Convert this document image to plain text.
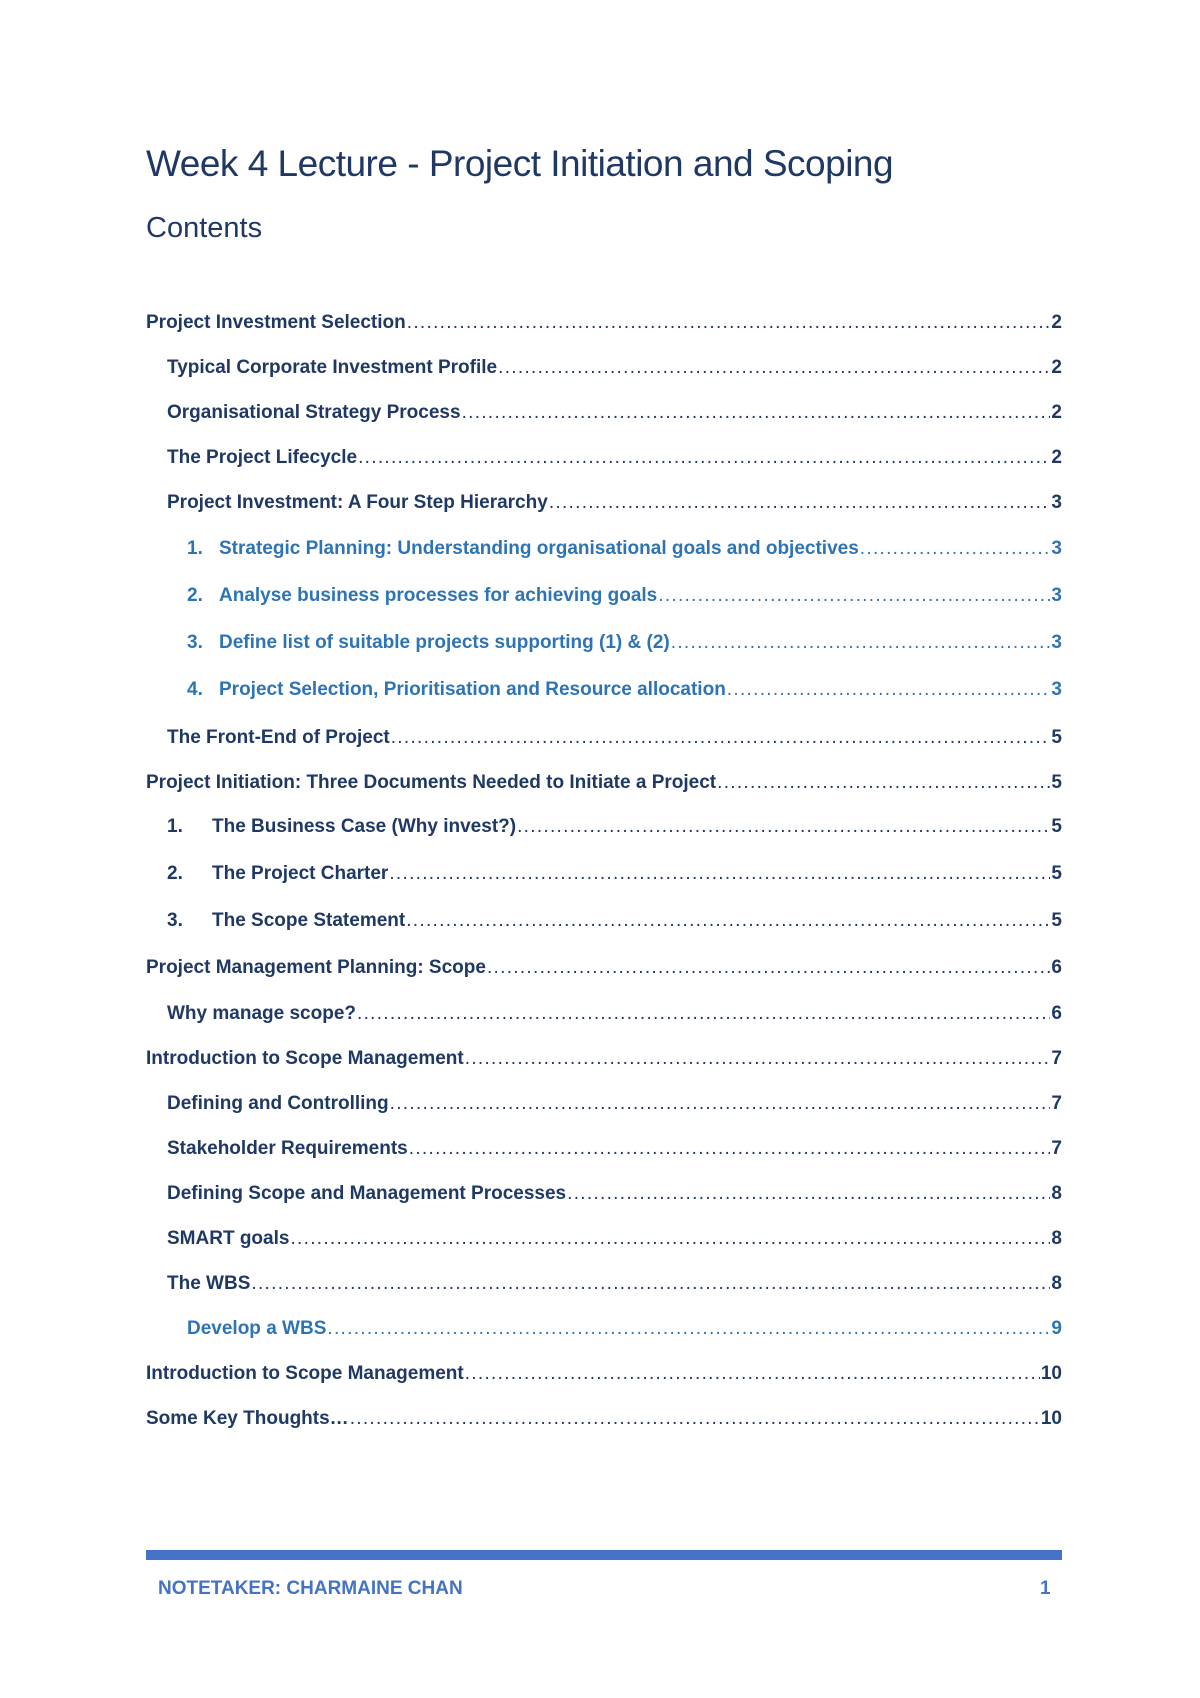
Week 4 Lecture - Project Initiation and Scoping
Contents
Project Investment Selection .....	2
Typical Corporate Investment Profile .....	2
Organisational Strategy Process .....	2
The Project Lifecycle .....	2
Project Investment: A Four Step Hierarchy .....	3
1. Strategic Planning: Understanding organisational goals and objectives .....	3
2. Analyse business processes for achieving goals .....	3
3. Define list of suitable projects supporting (1) & (2) .....	3
4. Project Selection, Prioritisation and Resource allocation .....	3
The Front-End of Project .....	5
Project Initiation: Three Documents Needed to Initiate a Project .....	5
1.	The Business Case (Why invest?) .....	5
2.	The Project Charter .....	5
3.	The Scope Statement .....	5
Project Management Planning: Scope .....	6
Why manage scope? .....	6
Introduction to Scope Management .....	7
Defining and Controlling .....	7
Stakeholder Requirements .....	7
Defining Scope and Management Processes .....	8
SMART goals .....	8
The WBS .....	8
Develop a WBS .....	9
Introduction to Scope Management .....	10
Some Key Thoughts… .....	10
NOTETAKER: CHARMAINE CHAN	1
